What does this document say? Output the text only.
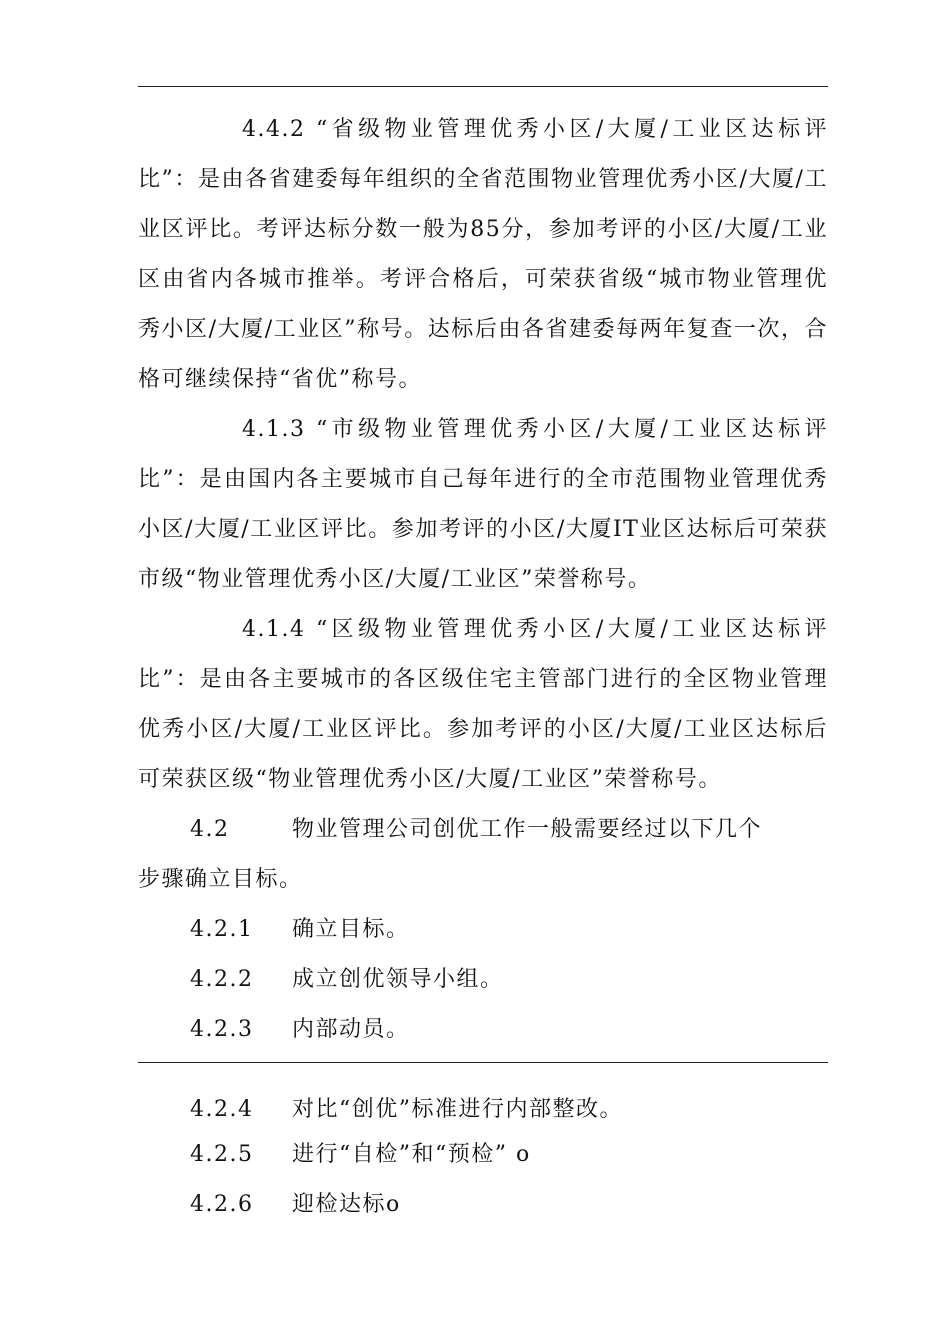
4.4.2 “省级物业管理优秀小区/大厦/工业区达标评比”：是由各省建委每年组织的全省范围物业管理优秀小区/大厦/工业区评比。考评达标分数一般为85分，参加考评的小区/大厦/工业区由省内各城市推举。考评合格后，可荣获省级“城市物业管理优秀小区/大厦/工业区”称号。达标后由各省建委每两年复查一次，合格可继续保持“省优”称号。
4.1.3 “市级物业管理优秀小区/大厦/工业区达标评比”：是由国内各主要城市自己每年进行的全市范围物业管理优秀小区/大厦/工业区评比。参加考评的小区/大厦IT业区达标后可荣获市级“物业管理优秀小区/大厦/工业区”荣誉称号。
4.1.4 “区级物业管理优秀小区/大厦/工业区达标评比”：是由各主要城市的各区级住宅主管部门进行的全区物业管理优秀小区/大厦/工业区评比。参加考评的小区/大厦/工业区达标后可荣获区级“物业管理优秀小区/大厦/工业区”荣誉称号。
4.2	物业管理公司创优工作一般需要经过以下几个
步骤确立目标。
4.2.1 确立目标。
4.2.2 成立创优领导小组。
4.2.3 内部动员。
4.2.4 对比“创优”标准进行内部整改。
4.2.5 进行“自检”和“预检” o
4.2.6 迎检达标o
